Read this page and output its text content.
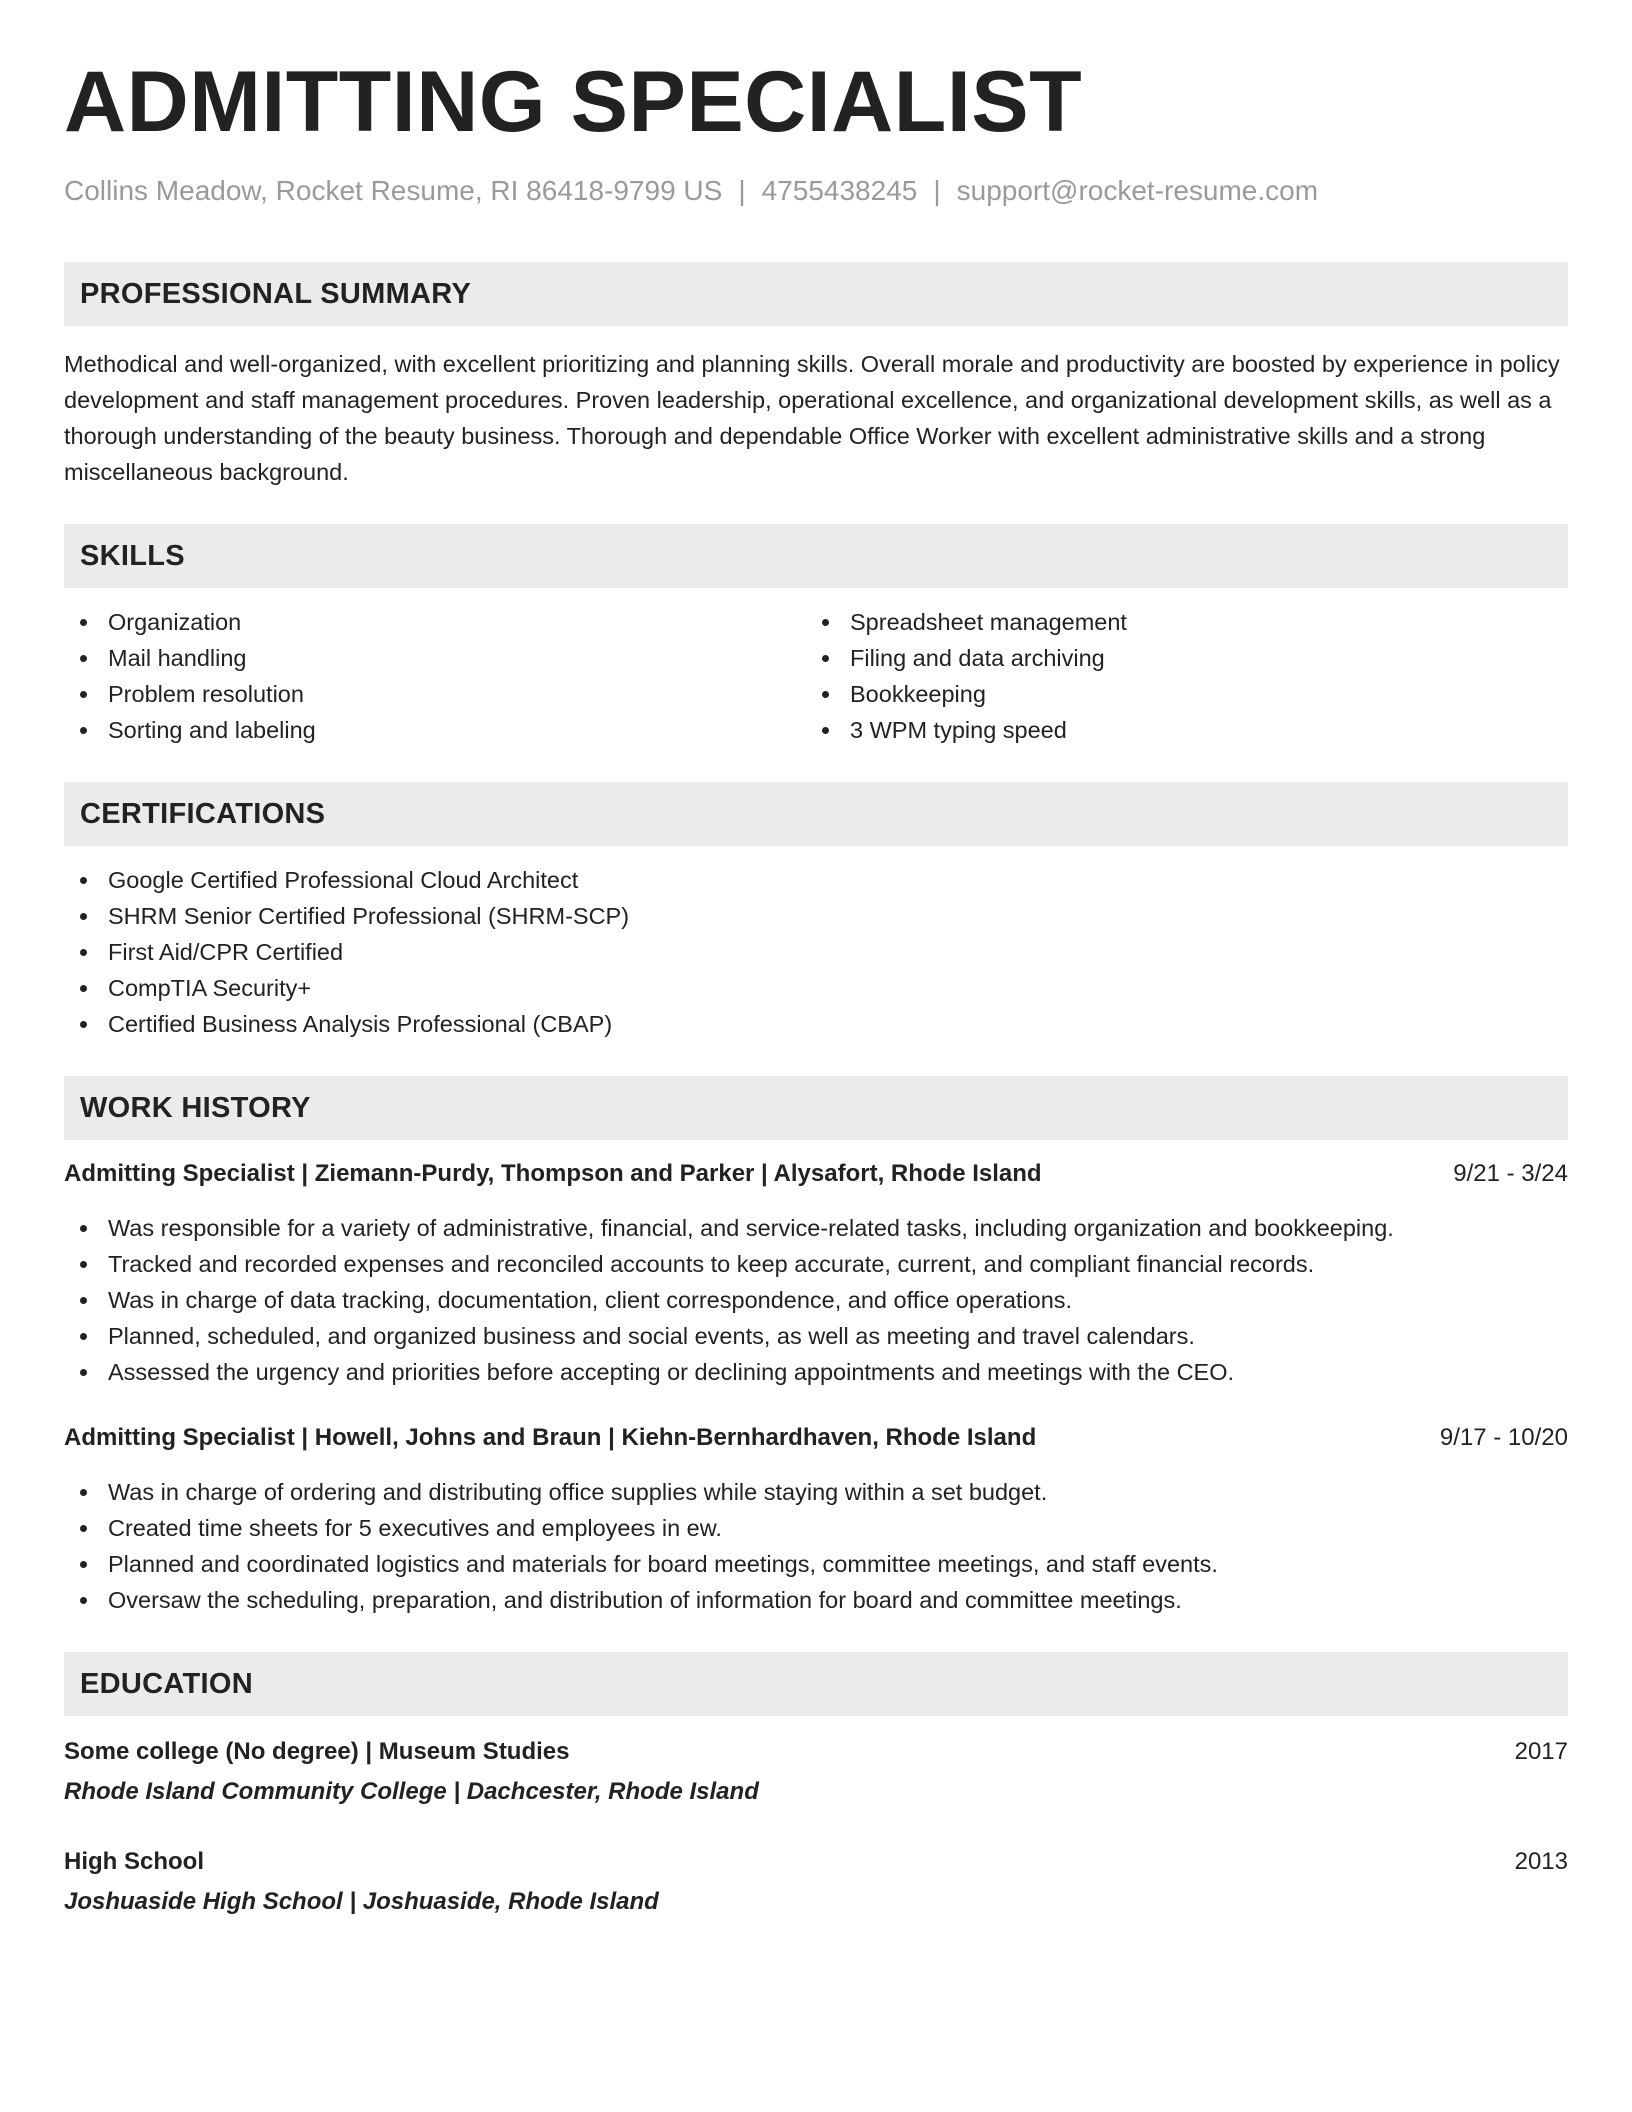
ADMITTING SPECIALIST
Collins Meadow, Rocket Resume, RI 86418-9799 US | 4755438245 | support@rocket-resume.com
PROFESSIONAL SUMMARY

Methodical and well-organized, with excellent prioritizing and planning skills. Overall morale and productivity are boosted by experience in policy development and staff management procedures. Proven leadership, operational excellence, and organizational development skills, as well as a thorough understanding of the beauty business. Thorough and dependable Office Worker with excellent administrative skills and a strong miscellaneous background.

SKILLS
Organization
Mail handling
Problem resolution
Sorting and labeling
Spreadsheet management
Filing and data archiving
Bookkeeping
3 WPM typing speed
CERTIFICATIONS
Google Certified Professional Cloud Architect
SHRM Senior Certified Professional (SHRM-SCP)
First Aid/CPR Certified
CompTIA Security+
Certified Business Analysis Professional (CBAP)
WORK HISTORY
Admitting Specialist | Ziemann-Purdy, Thompson and Parker | Alysafort, Rhode Island	9/21 - 3/24
Was responsible for a variety of administrative, financial, and service-related tasks, including organization and bookkeeping.
Tracked and recorded expenses and reconciled accounts to keep accurate, current, and compliant financial records.
Was in charge of data tracking, documentation, client correspondence, and office operations.
Planned, scheduled, and organized business and social events, as well as meeting and travel calendars.
Assessed the urgency and priorities before accepting or declining appointments and meetings with the CEO.
Admitting Specialist | Howell, Johns and Braun | Kiehn-Bernhardhaven, Rhode Island	9/17 - 10/20
Was in charge of ordering and distributing office supplies while staying within a set budget.
Created time sheets for 5 executives and employees in ew.
Planned and coordinated logistics and materials for board meetings, committee meetings, and staff events.
Oversaw the scheduling, preparation, and distribution of information for board and committee meetings.
EDUCATION
Some college (No degree) | Museum Studies	2017
Rhode Island Community College | Dachcester, Rhode Island
High School	2013
Joshuaside High School | Joshuaside, Rhode Island
